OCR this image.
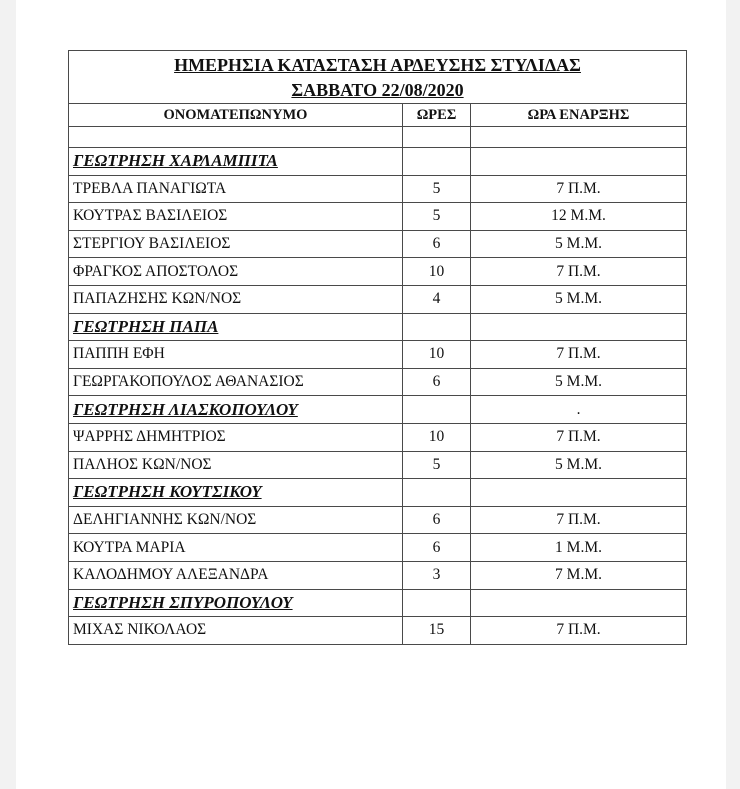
ΗΜΕΡΗΣΙΑ ΚΑΤΑΣΤΑΣΗ ΑΡΔΕΥΣΗΣ ΣΤΥΛΙΔΑΣ
ΣΑΒΒΑΤΟ 22/08/2020		

ΟΝΟΜΑΤΕΠΩΝΥΜΟ	ΩΡΕΣ	ΩΡΑ ΕΝΑΡΞΗΣ

ΓΕΩΤΡΗΣΗ ΧΑΡΛΑΜΠΙΤΑ		
ΤΡΕΒΛΑ ΠΑΝΑΓΙΩΤΑ	5	7 Π.Μ.
ΚΟΥΤΡΑΣ ΒΑΣΙΛΕΙΟΣ	5	12 Μ.Μ.
ΣΤΕΡΓΙΟΥ ΒΑΣΙΛΕΙΟΣ	6	5 Μ.Μ.
ΦΡΑΓΚΟΣ ΑΠΟΣΤΟΛΟΣ	10	7 Π.Μ.
ΠΑΠΑΖΗΣΗΣ ΚΩΝ/ΝΟΣ	4	5 Μ.Μ.
ΓΕΩΤΡΗΣΗ ΠΑΠΑ		
ΠΑΠΠΗ ΕΦΗ	10	7 Π.Μ.
ΓΕΩΡΓΑΚΟΠΟΥΛΟΣ ΑΘΑΝΑΣΙΟΣ	6	5 Μ.Μ.
ΓΕΩΤΡΗΣΗ ΛΙΑΣΚΟΠΟΥΛΟΥ		.
ΨΑΡΡΗΣ ΔΗΜΗΤΡΙΟΣ	10	7 Π.Μ.
ΠΑΛΗΟΣ ΚΩΝ/ΝΟΣ	5	5 Μ.Μ.
ΓΕΩΤΡΗΣΗ ΚΟΥΤΣΙΚΟΥ		
ΔΕΛΗΓΙΑΝΝΗΣ ΚΩΝ/ΝΟΣ	6	7 Π.Μ.
ΚΟΥΤΡΑ ΜΑΡΙΑ	6	1 Μ.Μ.
ΚΑΛΟΔΗΜΟΥ ΑΛΕΞΑΝΔΡΑ	3	7 Μ.Μ.
ΓΕΩΤΡΗΣΗ ΣΠΥΡΟΠΟΥΛΟΥ		
ΜΙΧΑΣ ΝΙΚΟΛΑΟΣ	15	7 Π.Μ.
